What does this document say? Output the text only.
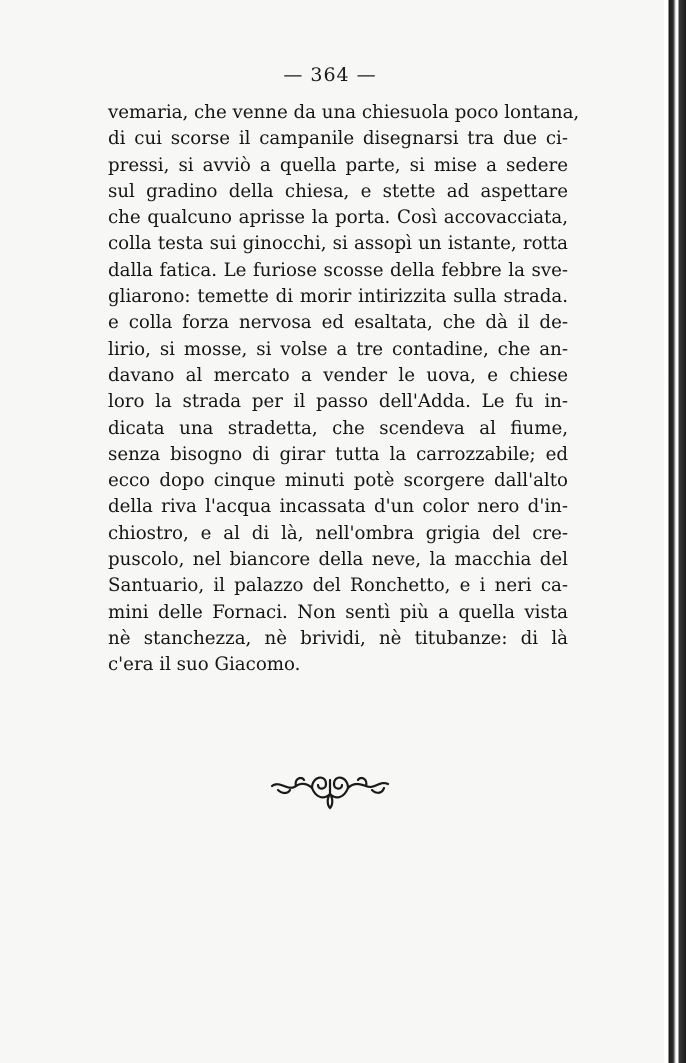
— 364 —

vemaria, che venne da una chiesuola poco lontana,
di cui scorse il campanile disegnarsi tra due ci-
pressi, si avviò a quella parte, si mise a sedere
sul gradino della chiesa, e stette ad aspettare
che qualcuno aprisse la porta. Così accovacciata,
colla testa sui ginocchi, si assopì un istante, rotta
dalla fatica. Le furiose scosse della febbre la sve-
gliarono: temette di morir intirizzita sulla strada.
e colla forza nervosa ed esaltata, che dà il de-
lirio, si mosse, si volse a tre contadine, che an-
davano al mercato a vender le uova, e chiese
loro la strada per il passo dell'Adda. Le fu in-
dicata una stradetta, che scendeva al fiume,
senza bisogno di girar tutta la carrozzabile; ed
ecco dopo cinque minuti potè scorgere dall'alto
della riva l'acqua incassata d'un color nero d'in-
chiostro, e al di là, nell'ombra grigia del cre-
puscolo, nel biancore della neve, la macchia del
Santuario, il palazzo del Ronchetto, e i neri ca-
mini delle Fornaci. Non sentì più a quella vista
nè stanchezza, nè brividi, nè titubanze: di là
c'era il suo Giacomo.
